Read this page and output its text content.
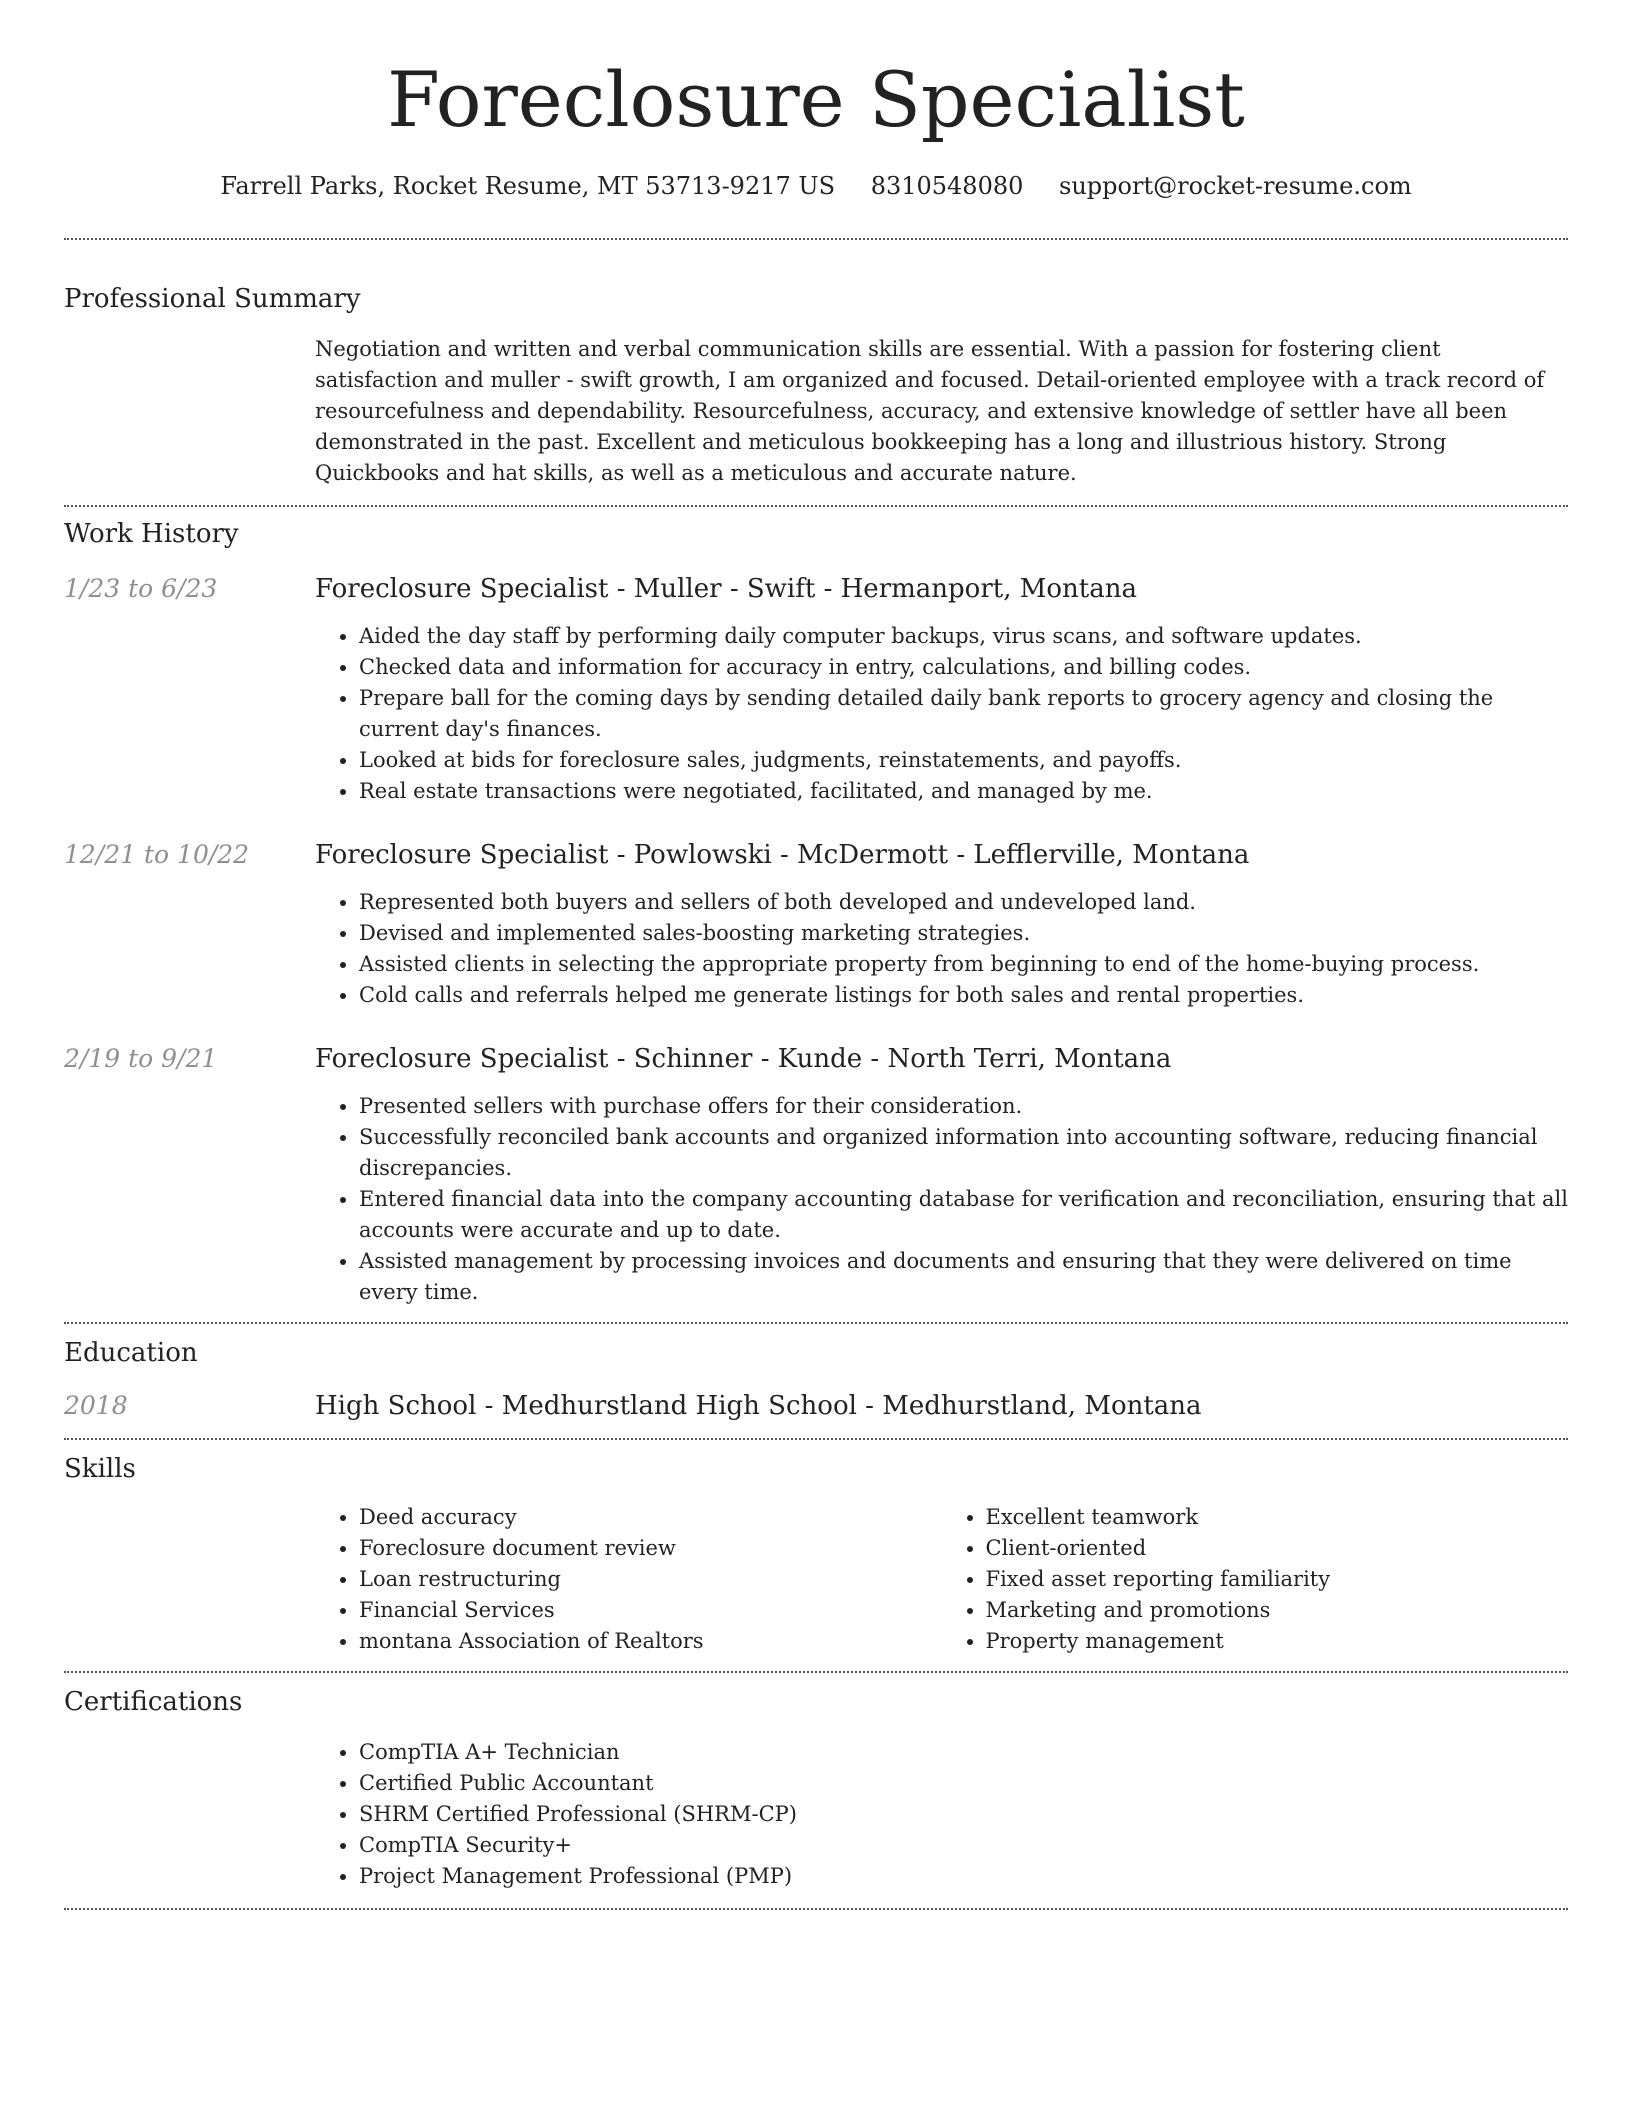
Foreclosure Specialist
Farrell Parks, Rocket Resume, MT 53713-9217 US 8310548080 support@rocket-resume.com
Professional Summary

Negotiation and written and verbal communication skills are essential. With a passion for fostering client satisfaction and muller - swift growth, I am organized and focused. Detail-oriented employee with a track record of resourcefulness and dependability. Resourcefulness, accuracy, and extensive knowledge of settler have all been demonstrated in the past. Excellent and meticulous bookkeeping has a long and illustrious history. Strong Quickbooks and hat skills, as well as a meticulous and accurate nature.

Work History
1/23 to 6/23	Foreclosure Specialist - Muller - Swift - Hermanport, Montana
• Aided the day staff by performing daily computer backups, virus scans, and software updates.
• Checked data and information for accuracy in entry, calculations, and billing codes.
• Prepare ball for the coming days by sending detailed daily bank reports to grocery agency and closing the current day's finances.
• Looked at bids for foreclosure sales, judgments, reinstatements, and payoffs.
• Real estate transactions were negotiated, facilitated, and managed by me.
12/21 to 10/22	Foreclosure Specialist - Powlowski - McDermott - Lefflerville, Montana
• Represented both buyers and sellers of both developed and undeveloped land.
• Devised and implemented sales-boosting marketing strategies.
• Assisted clients in selecting the appropriate property from beginning to end of the home-buying process.
• Cold calls and referrals helped me generate listings for both sales and rental properties.
2/19 to 9/21	Foreclosure Specialist - Schinner - Kunde - North Terri, Montana
• Presented sellers with purchase offers for their consideration.
• Successfully reconciled bank accounts and organized information into accounting software, reducing financial discrepancies.
• Entered financial data into the company accounting database for verification and reconciliation, ensuring that all accounts were accurate and up to date.
• Assisted management by processing invoices and documents and ensuring that they were delivered on time every time.
Education
2018	High School - Medhurstland High School - Medhurstland, Montana
Skills
• Deed accuracy
• Foreclosure document review
• Loan restructuring
• Financial Services
• montana Association of Realtors
• Excellent teamwork
• Client-oriented
• Fixed asset reporting familiarity
• Marketing and promotions
• Property management
Certifications
• CompTIA A+ Technician
• Certified Public Accountant
• SHRM Certified Professional (SHRM-CP)
• CompTIA Security+
• Project Management Professional (PMP)
